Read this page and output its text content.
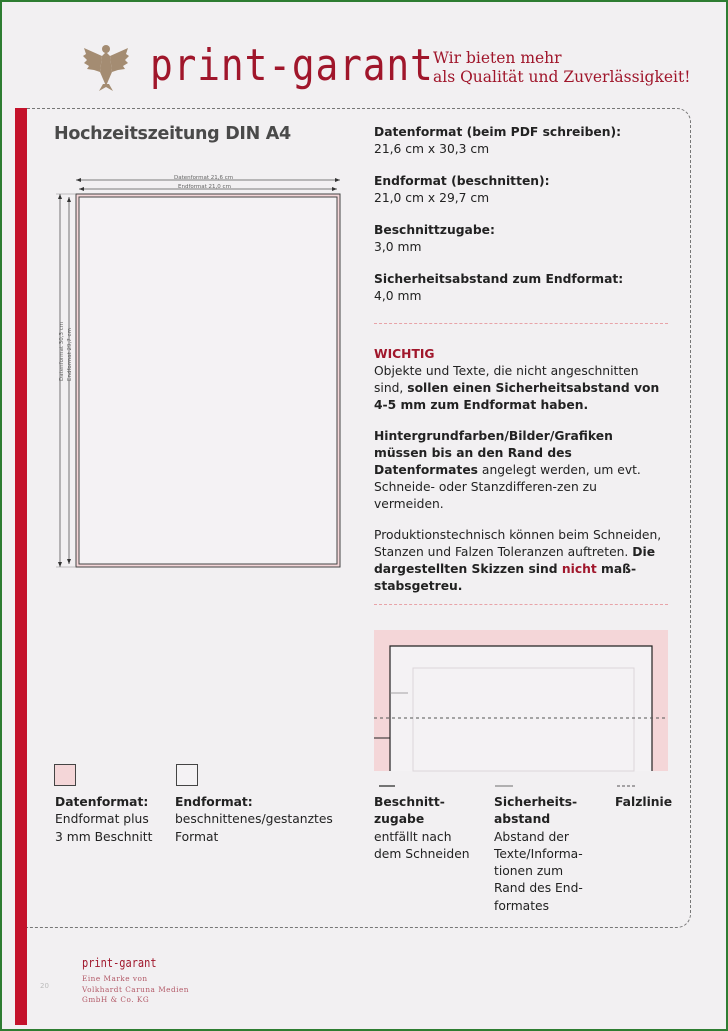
print-garant Wir bieten mehr
als Qualität und Zuverlässigkeit!
Hochzeitszeitung DIN A4
Datenformat 21,6 cm
Endformat 21,0 cm
Datenformat 30,3 cm Endformat 29,7 cm
Datenformat (beim PDF schreiben):
21,6 cm x 30,3 cm
Endformat (beschnitten):
21,0 cm x 29,7 cm
Beschnittzugabe:
3,0 mm
Sicherheitsabstand zum Endformat:
4,0 mm
WICHTIG
Objekte und Texte, die nicht angeschnitten sind, sollen einen Sicherheitsabstand von 4-5 mm zum Endformat haben.
Hintergrundfarben/Bilder/Grafiken müssen bis an den Rand des Datenformates angelegt werden, um evt. Schneide- oder Stanzdifferen-zen zu vermeiden.
Produktionstechnisch können beim Schneiden, Stanzen und Falzen Toleranzen auftreten. Die dargestellten Skizzen sind nicht maß-stabsgetreu.
Datenformat:
Endformat plus 3 mm Beschnitt
Endformat:
beschnittenes/gestanztes Format
Beschnitt-zugabe
entfällt nach dem Schneiden
Sicherheits-abstand
Abstand der Texte/Informa-tionen zum Rand des End-formates
Falzlinie
print-garant
Eine Marke von
Volkhardt Caruna Medien
GmbH & Co. KG
20
